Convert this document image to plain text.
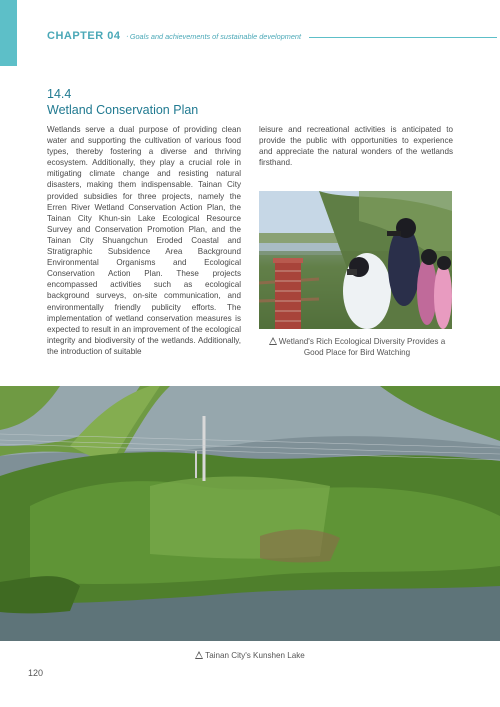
CHAPTER 04 ‧ Goals and achievements of sustainable development
14.4
Wetland Conservation Plan

Wetlands serve a dual purpose of providing clean water and supporting the cultivation of various food types, thereby fostering a diverse and thriving ecosystem. Additionally, they play a crucial role in mitigating climate change and resisting natural disasters, making them indispensable. Tainan City provided subsidies for three projects, namely the Erren River Wetland Conservation Action Plan, the Tainan City Khun-sin Lake Ecological Resource Survey and Conservation Promotion Plan, and the Tainan City Shuangchun Eroded Coastal and Stratigraphic Subsidence Area Background Environmental Organisms and Ecological Conservation Action Plan. These projects encompassed activities such as ecological background surveys, on-site communication, and environmentally friendly publicity efforts. The implementation of wetland conservation measures is expected to result in an improvement of the ecological integrity and biodiversity of the wetlands. Additionally, the introduction of suitable

leisure and recreational activities is anticipated to provide the public with opportunities to experience and appreciate the natural wonders of the wetlands firsthand.

Wetland's Rich Ecological Diversity Provides a Good Place for Bird Watching
Tainan City's Kunshen Lake
120
